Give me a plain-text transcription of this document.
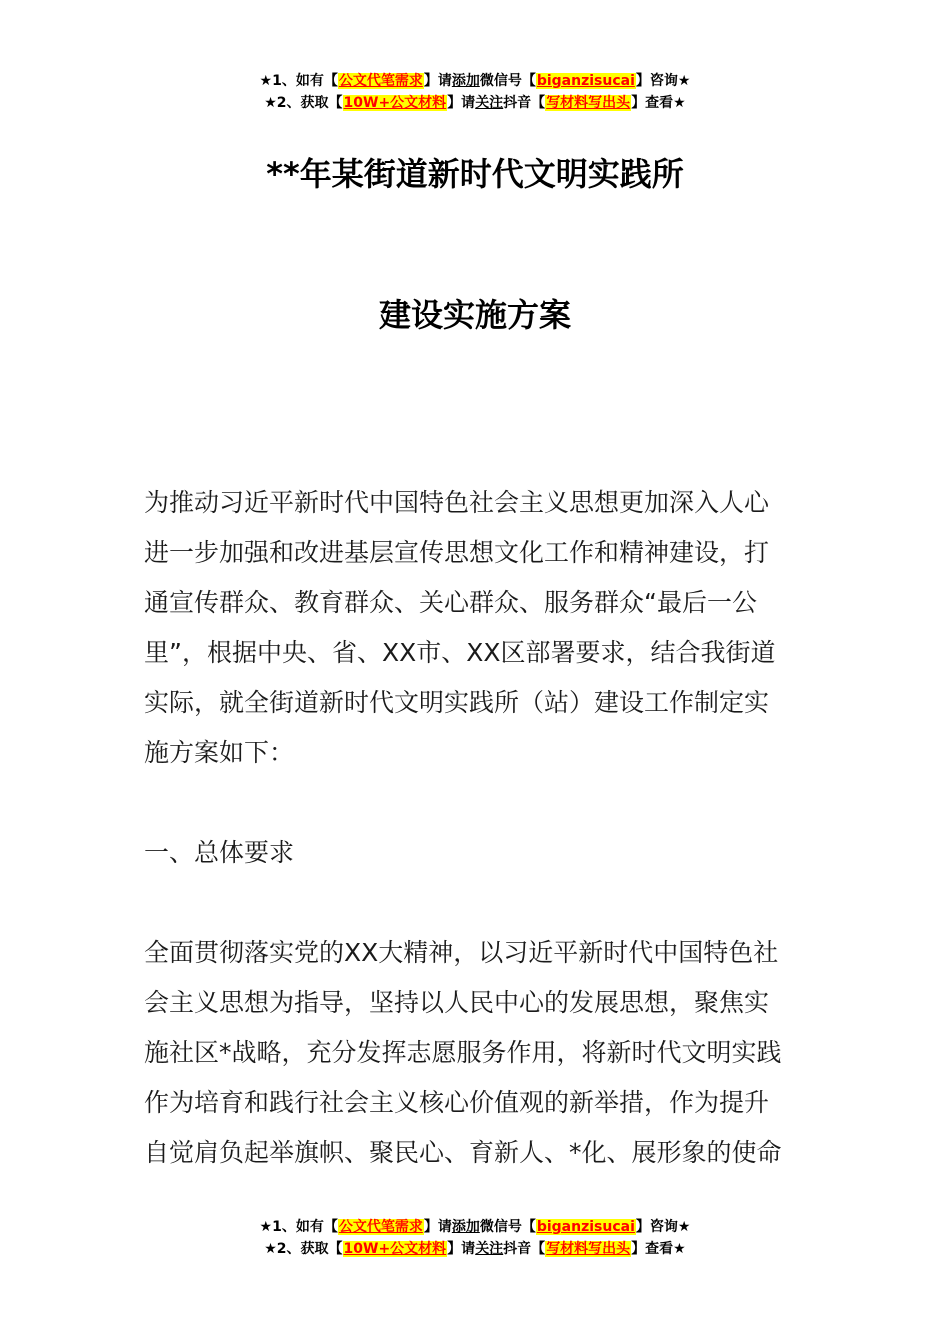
★1、如有【公文代笔需求】请添加微信号【biganzisucai】咨询★
★2、获取【10W+公文材料】请关注抖音【写材料写出头】查看★
**年某街道新时代文明实践所
建设实施方案
为推动习近平新时代中国特色社会主义思想更加深入人心
进一步加强和改进基层宣传思想文化工作和精神建设，打
通宣传群众、教育群众、关心群众、服务群众“最后一公
里”，根据中央、省、XX市、XX区部署要求，结合我街道
实际，就全街道新时代文明实践所（站）建设工作制定实
施方案如下：
一、总体要求
全面贯彻落实党的XX大精神，以习近平新时代中国特色社
会主义思想为指导，坚持以人民中心的发展思想，聚焦实
施社区*战略，充分发挥志愿服务作用，将新时代文明实践
作为培育和践行社会主义核心价值观的新举措，作为提升
自觉肩负起举旗帜、聚民心、育新人、*化、展形象的使命
★1、如有【公文代笔需求】请添加微信号【biganzisucai】咨询★
★2、获取【10W+公文材料】请关注抖音【写材料写出头】查看★
